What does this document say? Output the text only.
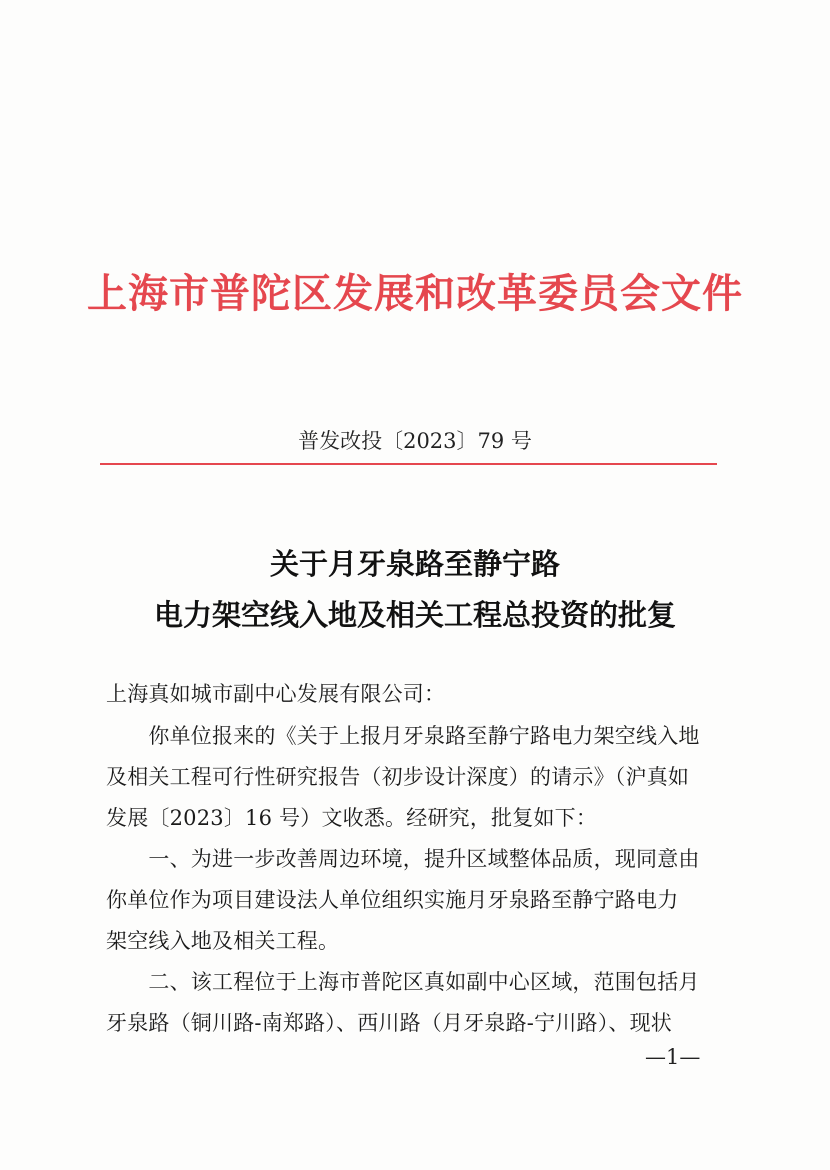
上海市普陀区发展和改革委员会文件
普发改投〔2023〕79 号
关于月牙泉路至静宁路
电力架空线入地及相关工程总投资的批复
上海真如城市副中心发展有限公司：
　　你单位报来的《关于上报月牙泉路至静宁路电力架空线入地
及相关工程可行性研究报告（初步设计深度）的请示》（沪真如
发展〔2023〕16 号）文收悉。经研究，批复如下：
　　一、为进一步改善周边环境，提升区域整体品质，现同意由
你单位作为项目建设法人单位组织实施月牙泉路至静宁路电力
架空线入地及相关工程。
　　二、该工程位于上海市普陀区真如副中心区域，范围包括月
牙泉路（铜川路-南郑路）、西川路（月牙泉路-宁川路）、现状
—1—
